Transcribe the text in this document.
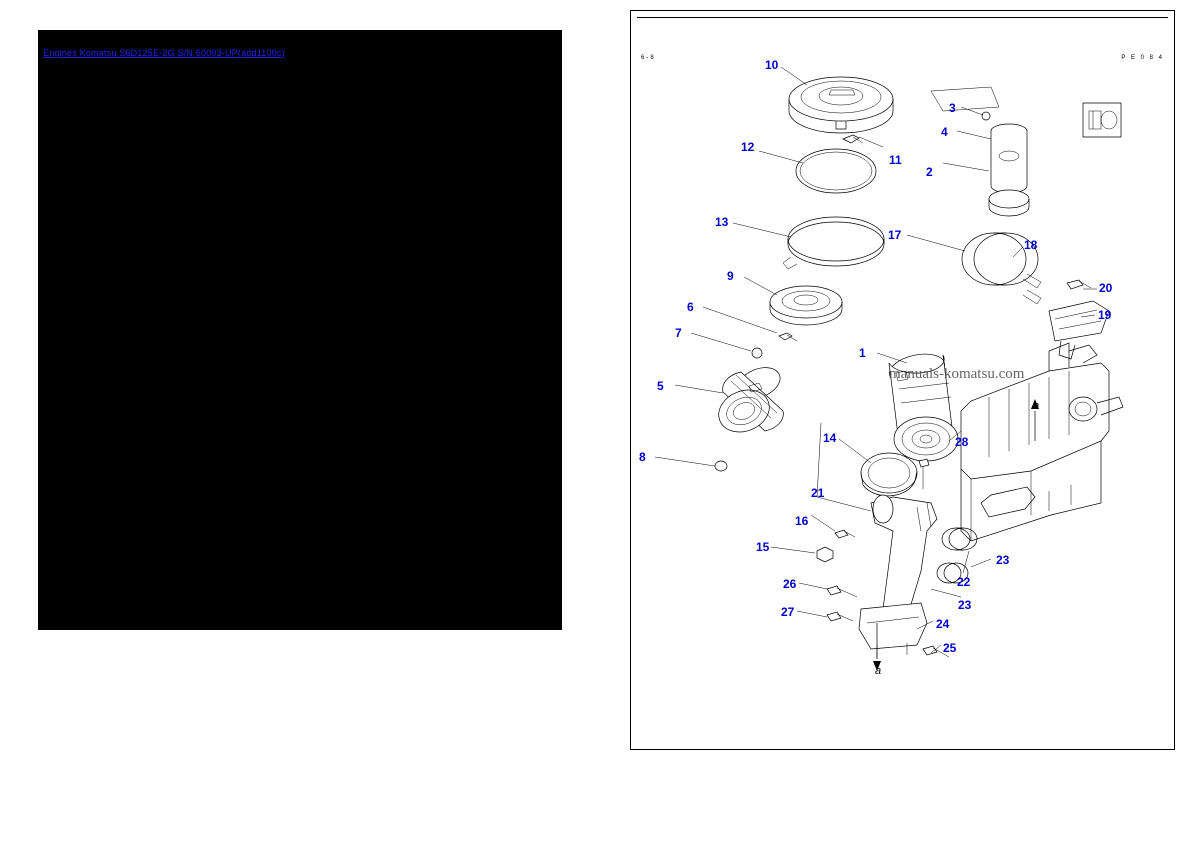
Engines Komatsu S6D125E-2G S/N 60003-UP(add1100c)	6-8	P E 0 8 4
manuals-komatsu.com
10
3
4
2
12
11
13
17
18
20
19
9
6
7
1
5
28
8
14
21
16
15
23
22
26
23
27
24
25
a
a
